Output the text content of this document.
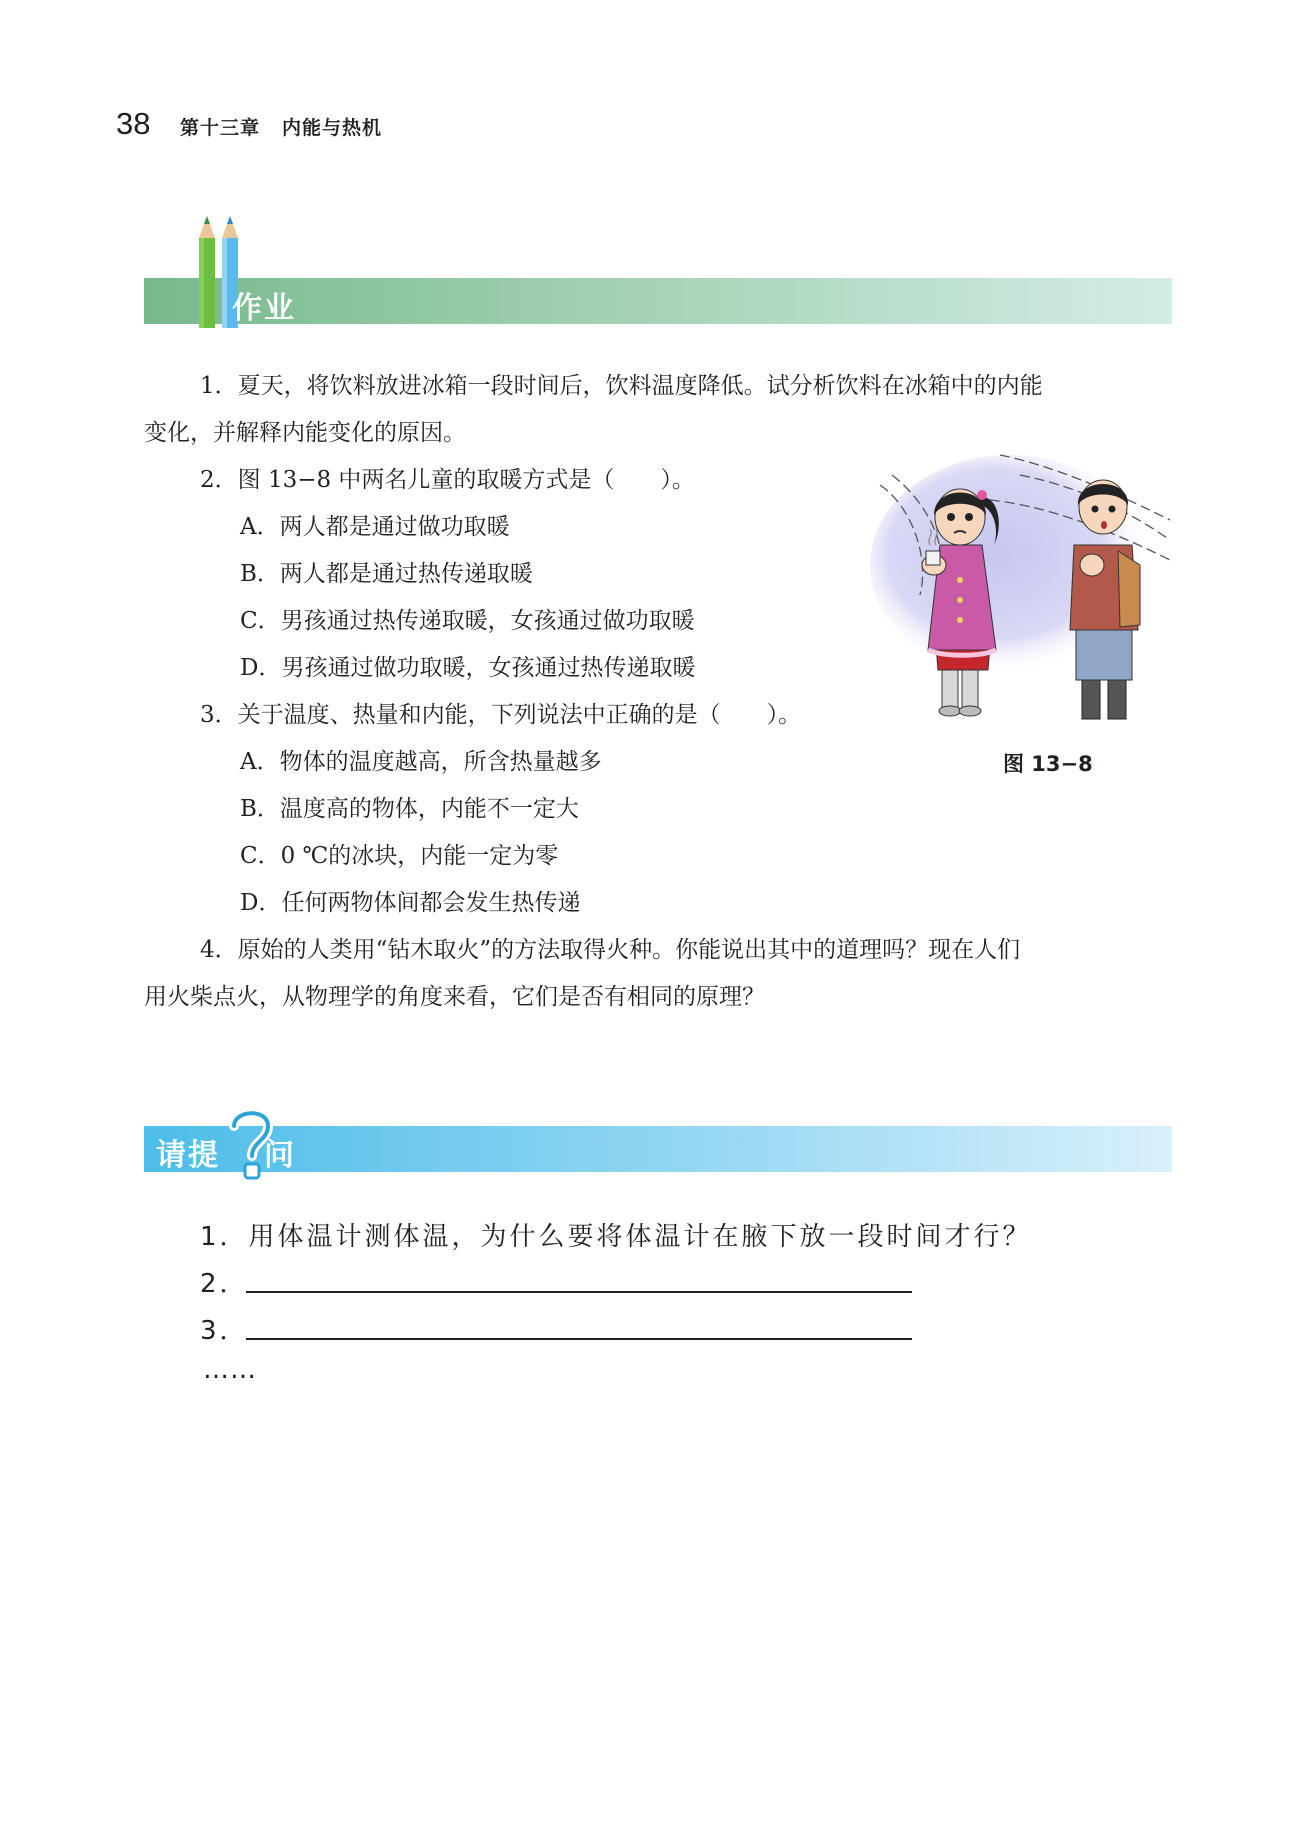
38 第十三章 内能与热机
作业
1．夏天，将饮料放进冰箱一段时间后，饮料温度降低。试分析饮料在冰箱中的内能
变化，并解释内能变化的原因。
2．图 13−8 中两名儿童的取暖方式是（　　）。
A．两人都是通过做功取暖
B．两人都是通过热传递取暖
C．男孩通过热传递取暖，女孩通过做功取暖
D．男孩通过做功取暖，女孩通过热传递取暖
3．关于温度、热量和内能，下列说法中正确的是（　　）。
A．物体的温度越高，所含热量越多
B．温度高的物体，内能不一定大
C．0 ℃的冰块，内能一定为零
D．任何两物体间都会发生热传递
4．原始的人类用“钻木取火”的方法取得火种。你能说出其中的道理吗？现在人们
用火柴点火，从物理学的角度来看，它们是否有相同的原理？
图 13−8
请提 问
1．用体温计测体温，为什么要将体温计在腋下放一段时间才行？
2．
3．
……
